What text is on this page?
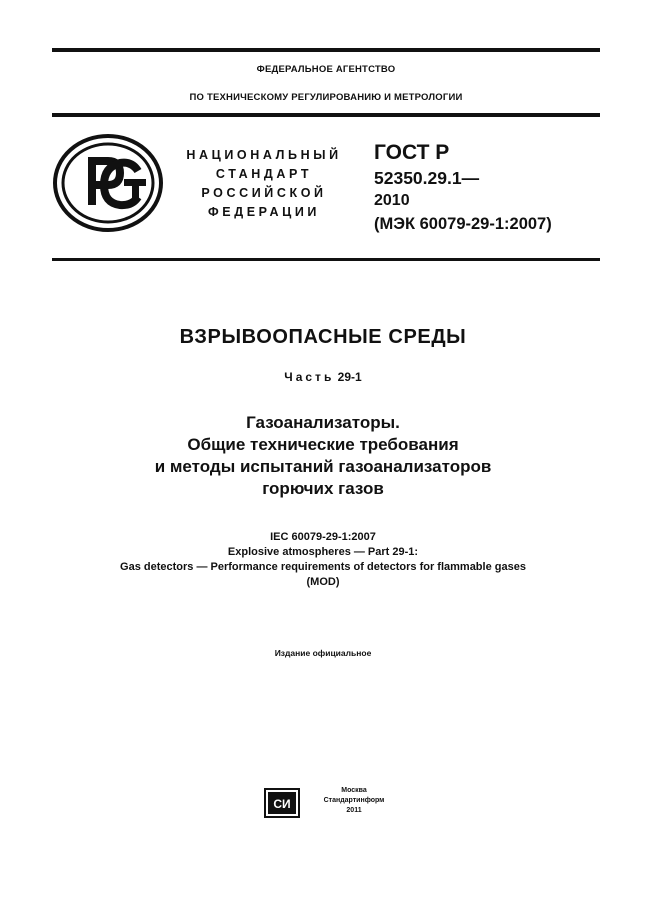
ФЕДЕРАЛЬНОЕ АГЕНТСТВО
ПО ТЕХНИЧЕСКОМУ РЕГУЛИРОВАНИЮ И МЕТРОЛОГИИ
НАЦИОНАЛЬНЫЙ
СТАНДАРТ
РОССИЙСКОЙ
ФЕДЕРАЦИИ
ГОСТ Р
52350.29.1—
2010
(МЭК 60079-29-1:2007)
ВЗРЫВООПАСНЫЕ СРЕДЫ
Часть 29-1
Газоанализаторы.
Общие технические требования
и методы испытаний газоанализаторов
горючих газов
IEC 60079-29-1:2007
Explosive atmospheres — Part 29-1:
Gas detectors — Performance requirements of detectors for flammable gases
(MOD)
Издание официальное
СИ
Москва
Стандартинформ
2011
